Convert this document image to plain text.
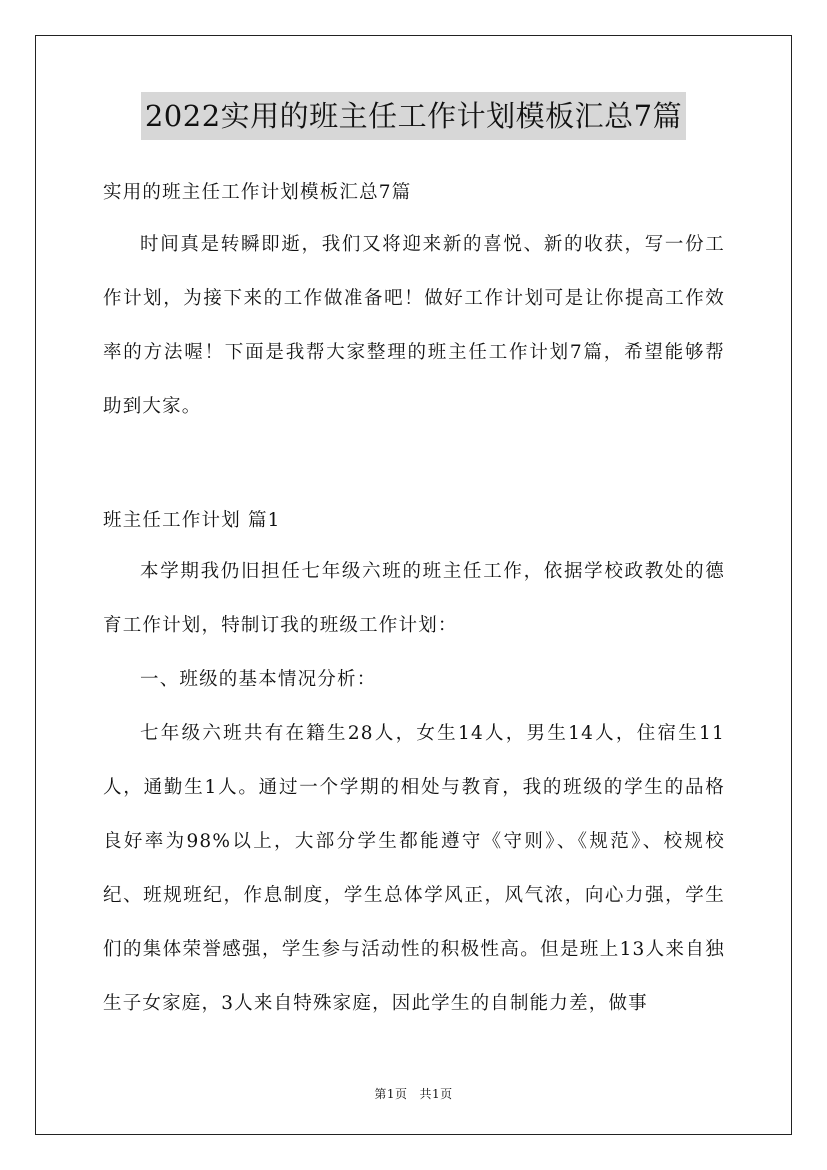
2022实用的班主任工作计划模板汇总7篇
实用的班主任工作计划模板汇总7篇
时间真是转瞬即逝，我们又将迎来新的喜悦、新的收获，写一份工作计划，为接下来的工作做准备吧！做好工作计划可是让你提高工作效率的方法喔！下面是我帮大家整理的班主任工作计划7篇，希望能够帮助到大家。
班主任工作计划 篇1
本学期我仍旧担任七年级六班的班主任工作，依据学校政教处的德育工作计划，特制订我的班级工作计划：
一、班级的基本情况分析：
七年级六班共有在籍生28人，女生14人，男生14人，住宿生11人，通勤生1人。通过一个学期的相处与教育，我的班级的学生的品格良好率为98%以上，大部分学生都能遵守《守则》、《规范》、校规校纪、班规班纪，作息制度，学生总体学风正，风气浓，向心力强，学生们的集体荣誉感强，学生参与活动性的积极性高。但是班上13人来自独生子女家庭，3人来自特殊家庭，因此学生的自制能力差，做事
第1页 共1页
